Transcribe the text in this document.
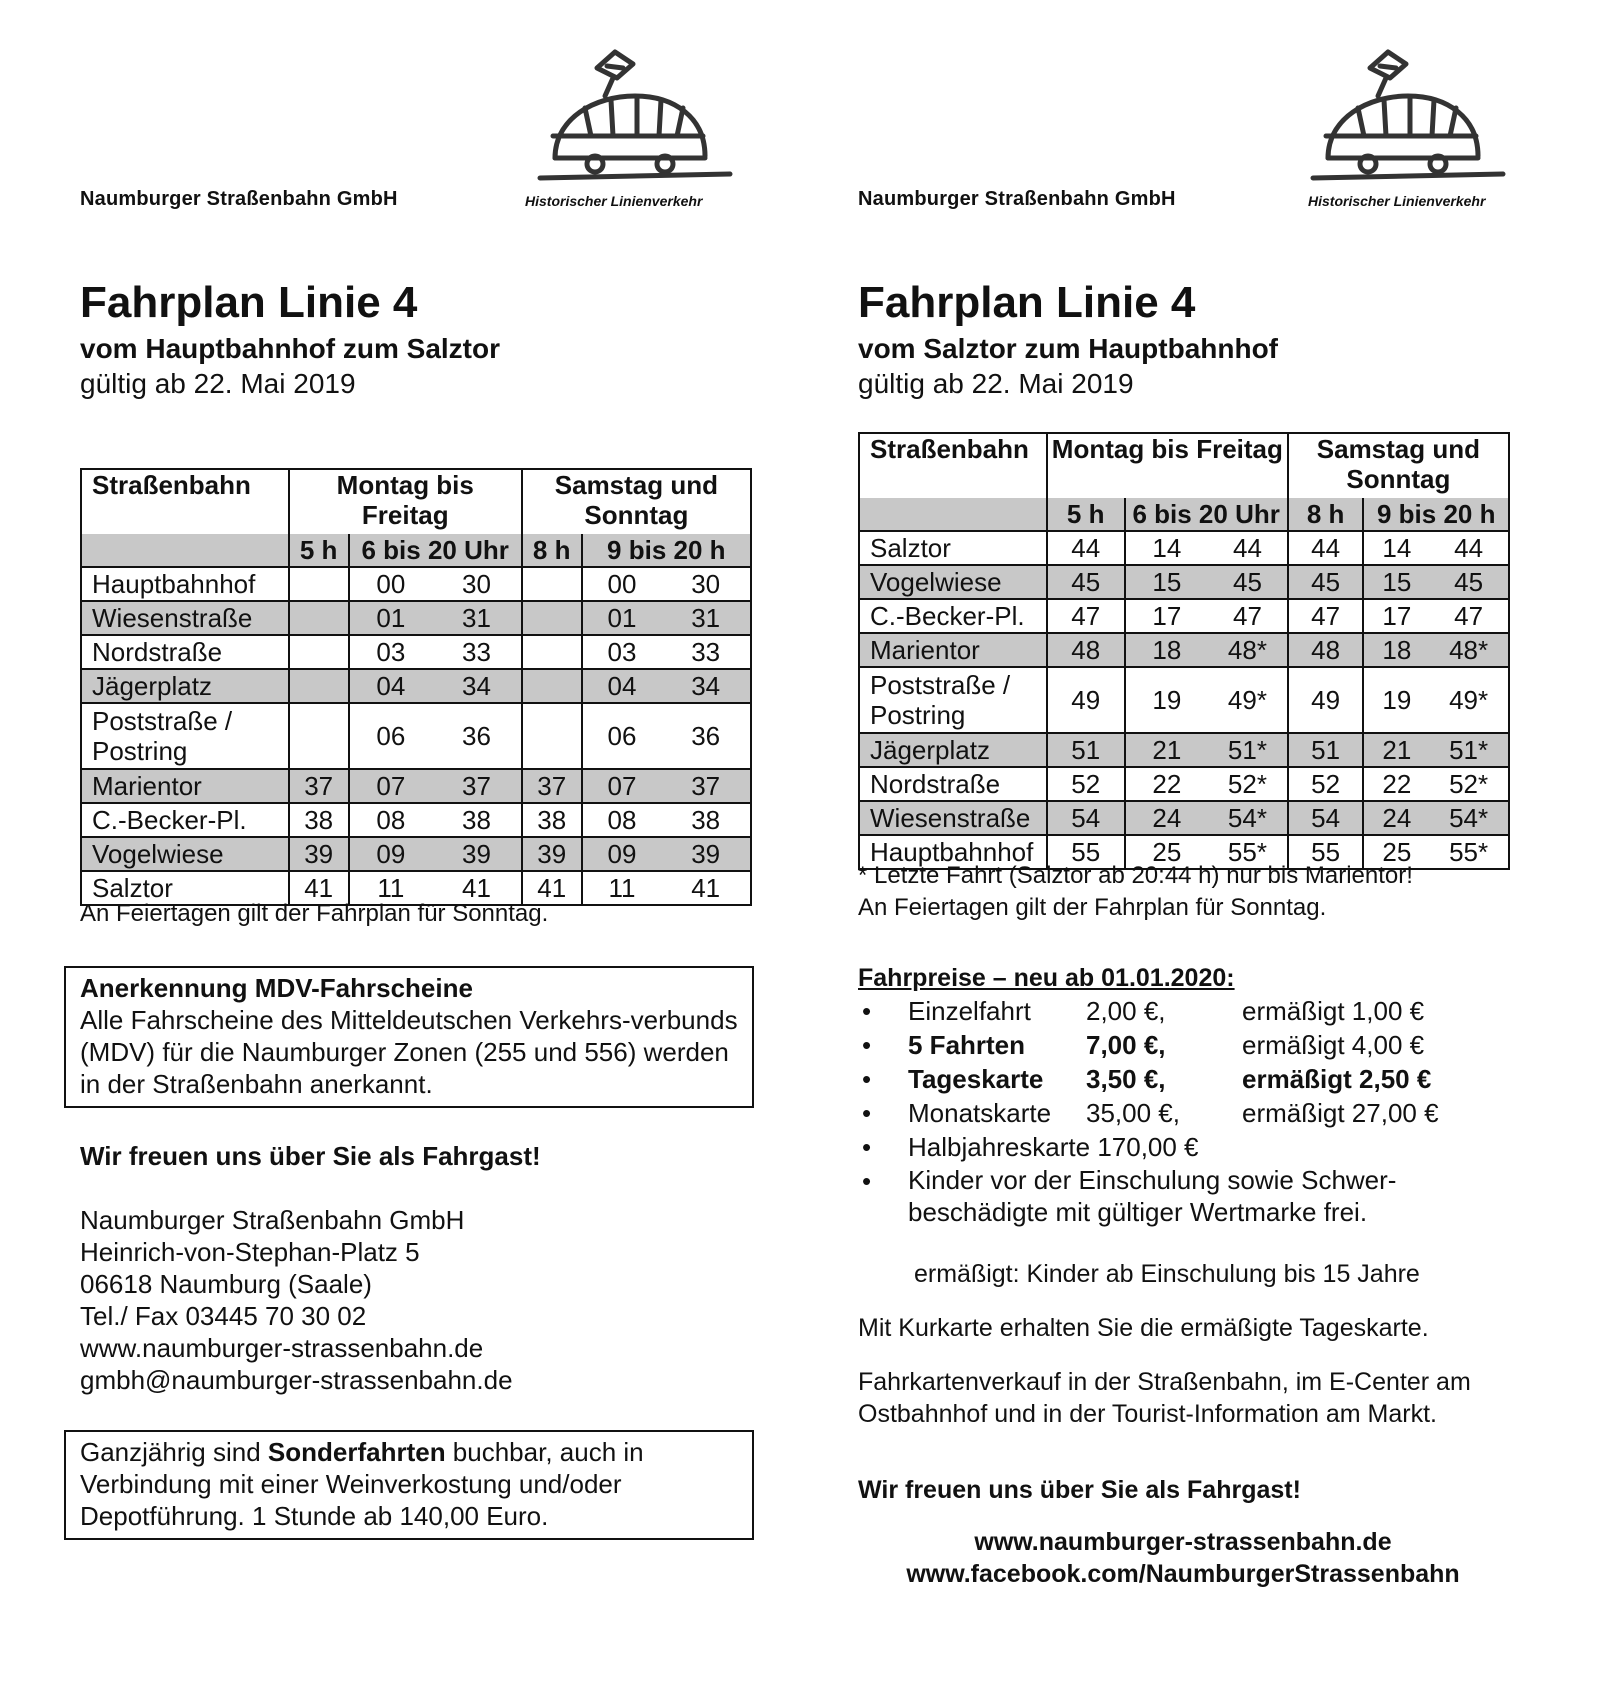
Naumburger Straßenbahn GmbH	Historischer Linienverkehr
Fahrplan Linie 4
vom Hauptbahnhof zum Salztor
gültig ab 22. Mai 2019
Straßenbahn	Montag bis Freitag			Samstag und Sonntag		

	5 h	6 bis 20 Uhr		8 h	9 bis 20 h	
Hauptbahnhof		00	30		00	30
Wiesenstraße		01	31		01	31
Nordstraße		03	33		03	33
Jägerplatz		04	34		04	34
Poststraße / Postring		06	36		06	36
Marientor	37	07	37	37	07	37
C.-Becker-Pl.	38	08	38	38	08	38
Vogelwiese	39	09	39	39	09	39
Salztor	41	11	41	41	11	41
An Feiertagen gilt der Fahrplan für Sonntag.
Anerkennung MDV-Fahrscheine
Alle Fahrscheine des Mitteldeutschen Verkehrs-verbunds (MDV) für die Naumburger Zonen (255 und 556) werden in der Straßenbahn anerkannt.
Wir freuen uns über Sie als Fahrgast!
Naumburger Straßenbahn GmbH
Heinrich-von-Stephan-Platz 5
06618 Naumburg (Saale)
Tel./ Fax 03445 70 30 02
www.naumburger-strassenbahn.de
gmbh@naumburger-strassenbahn.de
Ganzjährig sind Sonderfahrten buchbar, auch in Verbindung mit einer Weinverkostung und/oder Depotführung. 1 Stunde ab 140,00 Euro.
Naumburger Straßenbahn GmbH	Historischer Linienverkehr
Fahrplan Linie 4
vom Salztor zum Hauptbahnhof
gültig ab 22. Mai 2019
Straßenbahn	Montag bis Freitag			Samstag und Sonntag		

	5 h	6 bis 20 Uhr		8 h	9 bis 20 h	
Salztor	44	14	44	44	14	44
Vogelwiese	45	15	45	45	15	45
C.-Becker-Pl.	47	17	47	47	17	47
Marientor	48	18	48*	48	18	48*
Poststraße / Postring	49	19	49*	49	19	49*
Jägerplatz	51	21	51*	51	21	51*
Nordstraße	52	22	52*	52	22	52*
Wiesenstraße	54	24	54*	54	24	54*
Hauptbahnhof	55	25	55*	55	25	55*
* Letzte Fahrt (Salztor ab 20:44 h) nur bis Marientor!
An Feiertagen gilt der Fahrplan für Sonntag.
Fahrpreise – neu ab 01.01.2020:
• Einzelfahrt 2,00 €,	ermäßigt 1,00 €
• 5 Fahrten 7,00 €,	ermäßigt 4,00 €
• Tageskarte 3,50 €,	ermäßigt 2,50 €
• Monatskarte 35,00 €, ermäßigt 27,00 €
• Halbjahreskarte 170,00 €
• Kinder vor der Einschulung sowie Schwer-beschädigte mit gültiger Wertmarke frei.
ermäßigt: Kinder ab Einschulung bis 15 Jahre
Mit Kurkarte erhalten Sie die ermäßigte Tageskarte.
Fahrkartenverkauf in der Straßenbahn, im E-Center am Ostbahnhof und in der Tourist-Information am Markt.
Wir freuen uns über Sie als Fahrgast!
www.naumburger-strassenbahn.de
www.facebook.com/NaumburgerStrassenbahn
